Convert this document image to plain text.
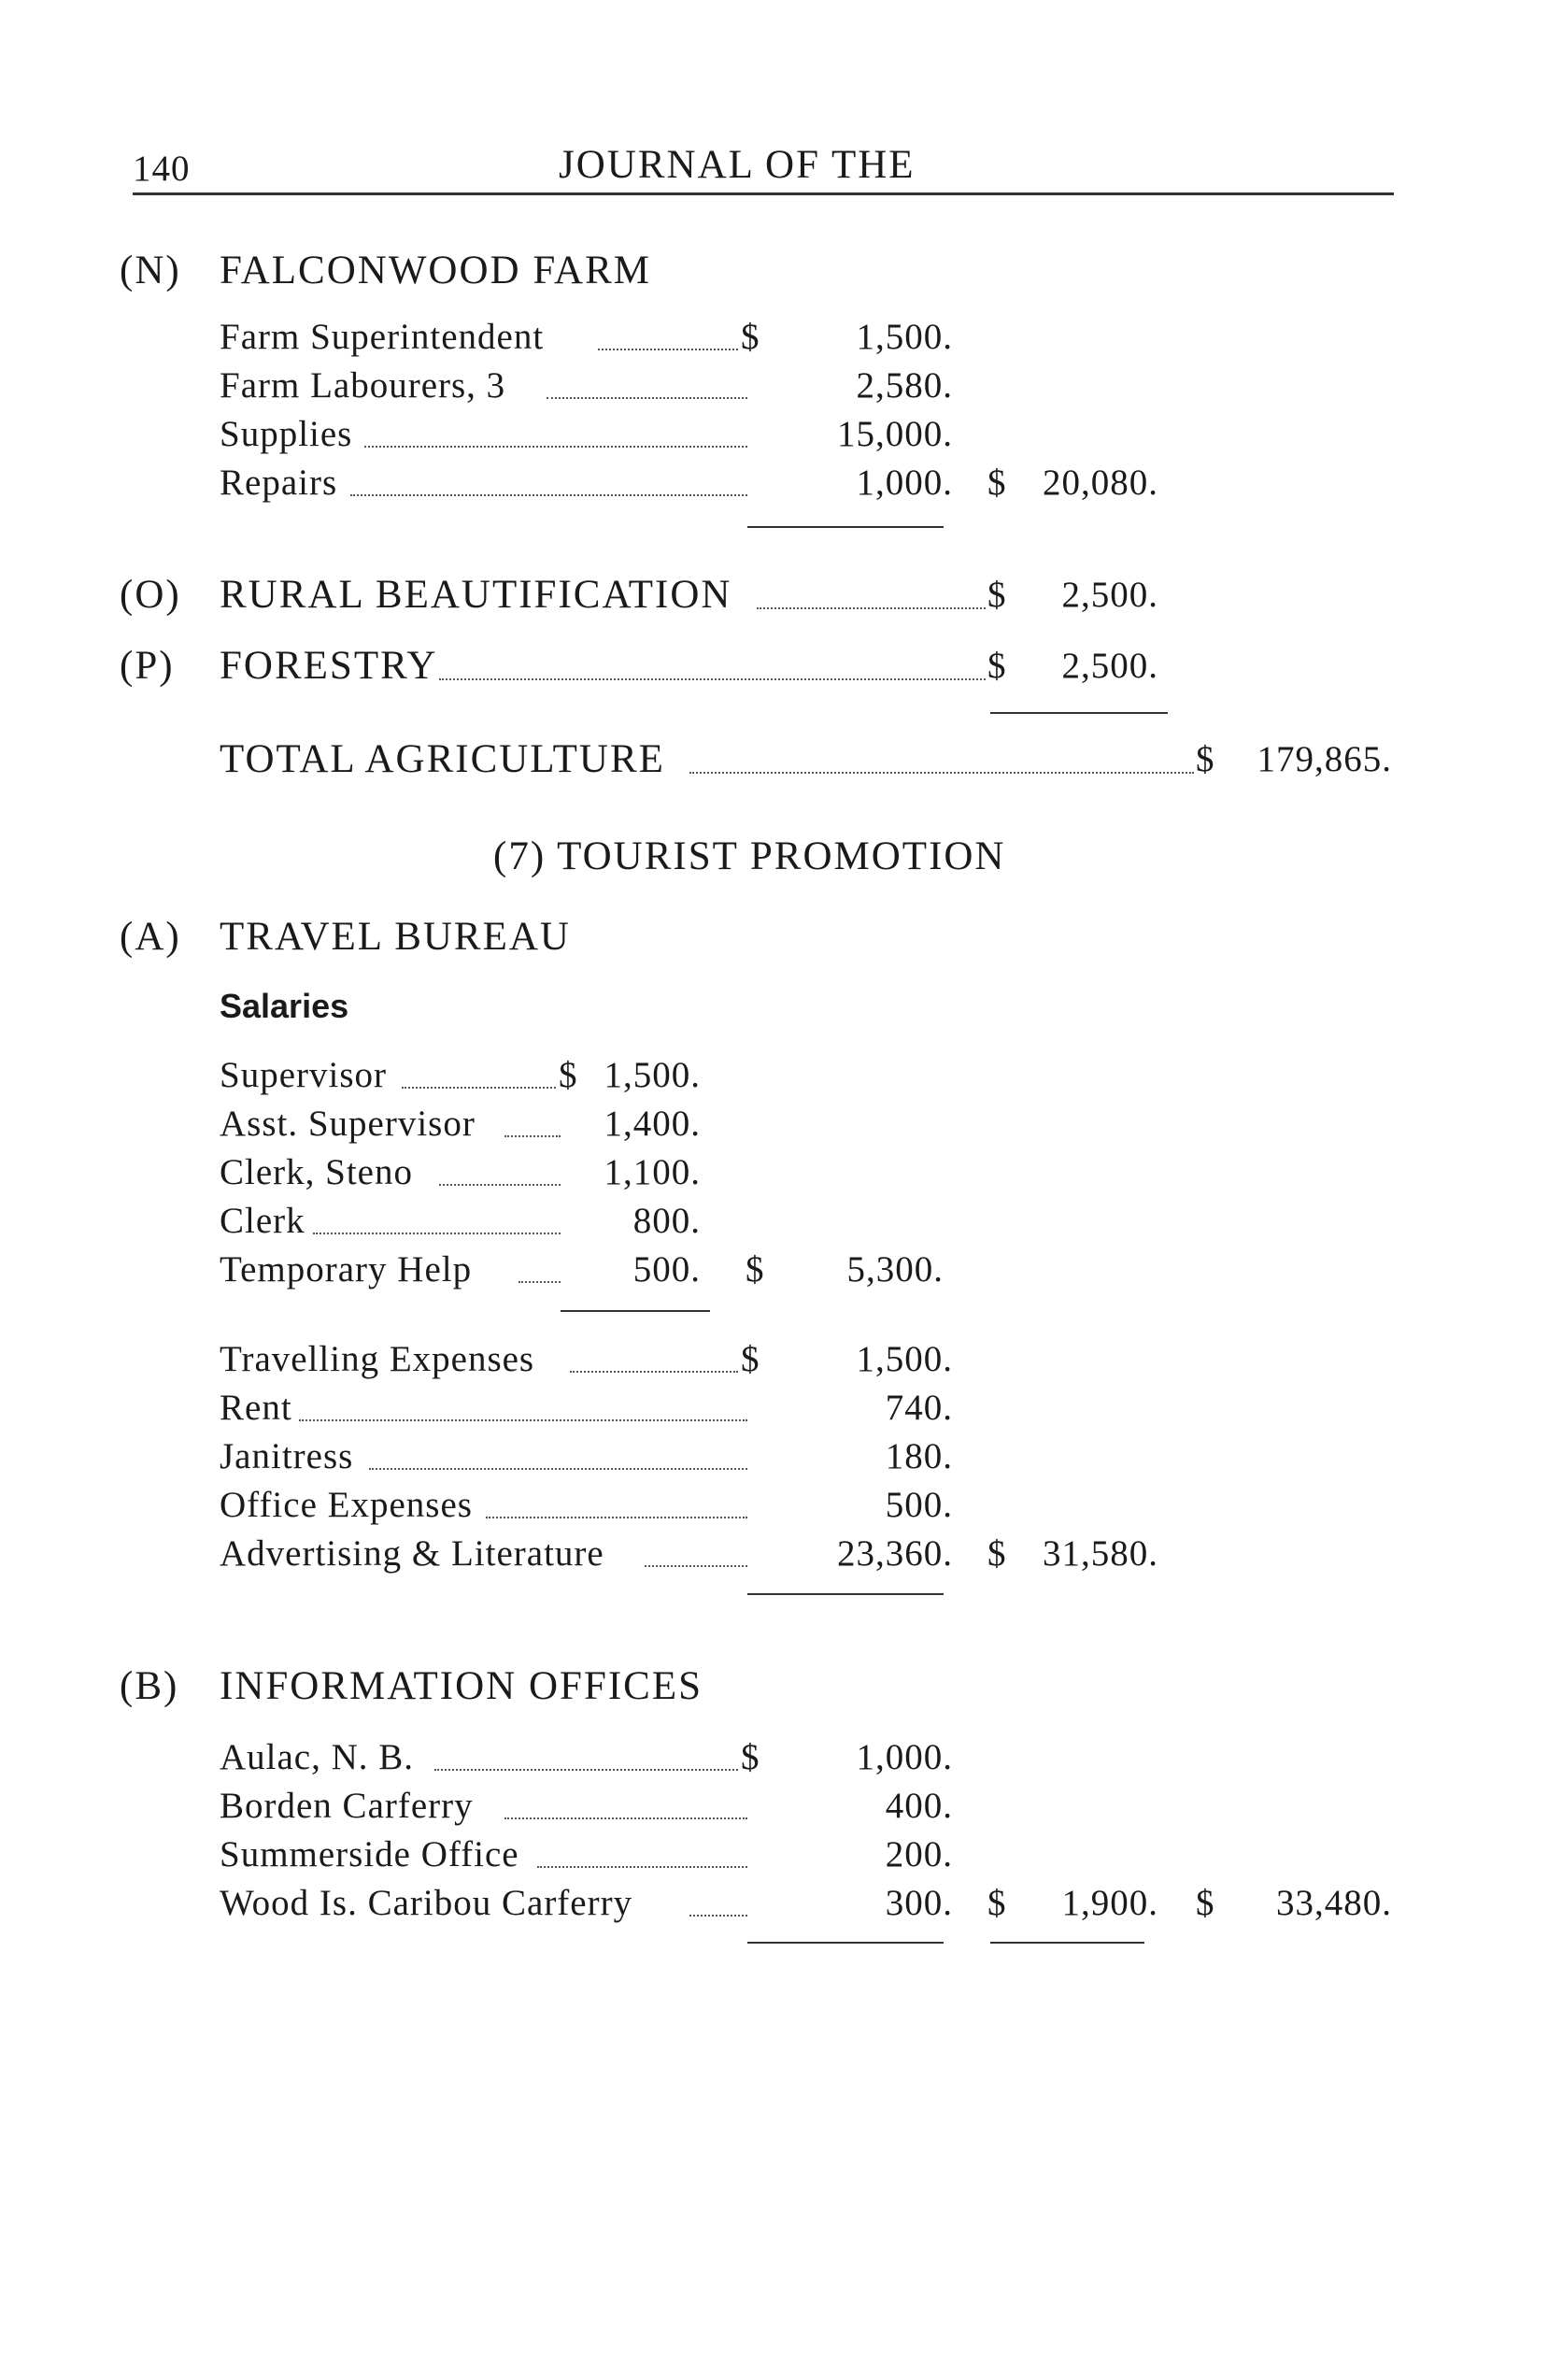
140	JOURNAL OF THE
(N) FALCONWOOD FARM
Farm Superintendent	$	1,500.
Farm Labourers, 3	2,580.
Supplies	15,000.
Repairs	1,000. $ 20,080.
(O) RURAL BEAUTIFICATION	$	2,500.
(P) FORESTRY	$	2,500.
TOTAL AGRICULTURE	$	179,865.
(7) TOURIST PROMOTION
(A) TRAVEL BUREAU
Salaries
Supervisor	$ 1,500.
Asst. Supervisor	1,400.
Clerk, Steno	1,100.
Clerk	800.
Temporary Help	500. $	5,300.
Travelling Expenses	$	1,500.
Rent	740.
Janitress	180.
Office Expenses	500.
Advertising & Literature	23,360. $ 31,580.
(B) INFORMATION OFFICES
Aulac, N. B.	$	1,000.
Borden Carferry	400.
Summerside Office	200.
Wood Is. Caribou Carferry	300. $	1,900. $	33,480.
